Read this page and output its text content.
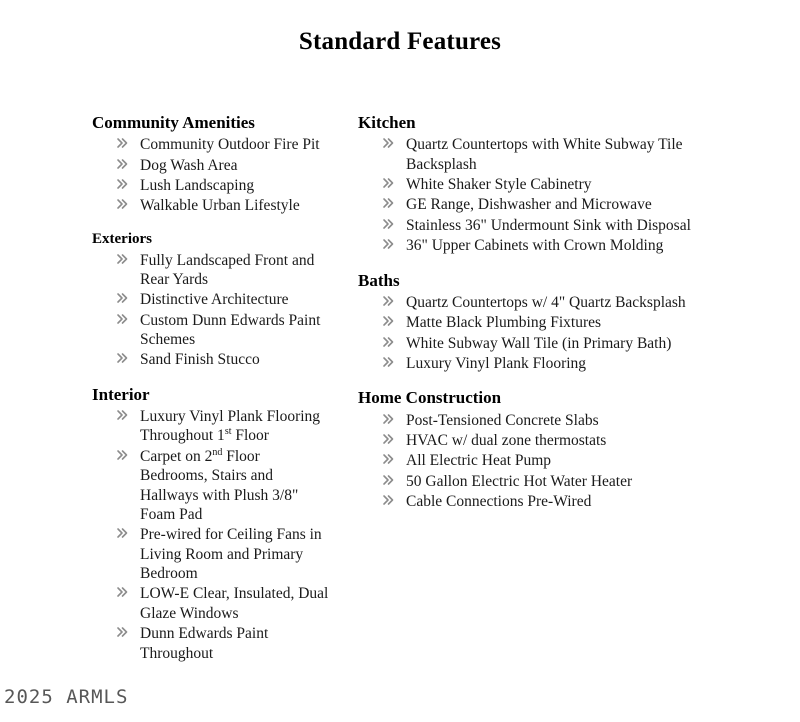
Standard Features
Community Amenities
Community Outdoor Fire Pit
Dog Wash Area
Lush Landscaping
Walkable Urban Lifestyle
Exteriors
Fully Landscaped Front and Rear Yards
Distinctive Architecture
Custom Dunn Edwards Paint Schemes
Sand Finish Stucco
Interior
Luxury Vinyl Plank Flooring Throughout 1st Floor
Carpet on 2nd Floor Bedrooms, Stairs and Hallways with Plush 3/8" Foam Pad
Pre-wired for Ceiling Fans in Living Room and Primary Bedroom
LOW-E Clear, Insulated, Dual Glaze Windows
Dunn Edwards Paint Throughout
Kitchen
Quartz Countertops with White Subway Tile Backsplash
White Shaker Style Cabinetry
GE Range, Dishwasher and Microwave
Stainless 36" Undermount Sink with Disposal
36" Upper Cabinets with Crown Molding
Baths
Quartz Countertops w/ 4" Quartz Backsplash
Matte Black Plumbing Fixtures
White Subway Wall Tile (in Primary Bath)
Luxury Vinyl Plank Flooring
Home Construction
Post-Tensioned Concrete Slabs
HVAC w/ dual zone thermostats
All Electric Heat Pump
50 Gallon Electric Hot Water Heater
Cable Connections Pre-Wired
2025 ARMLS
